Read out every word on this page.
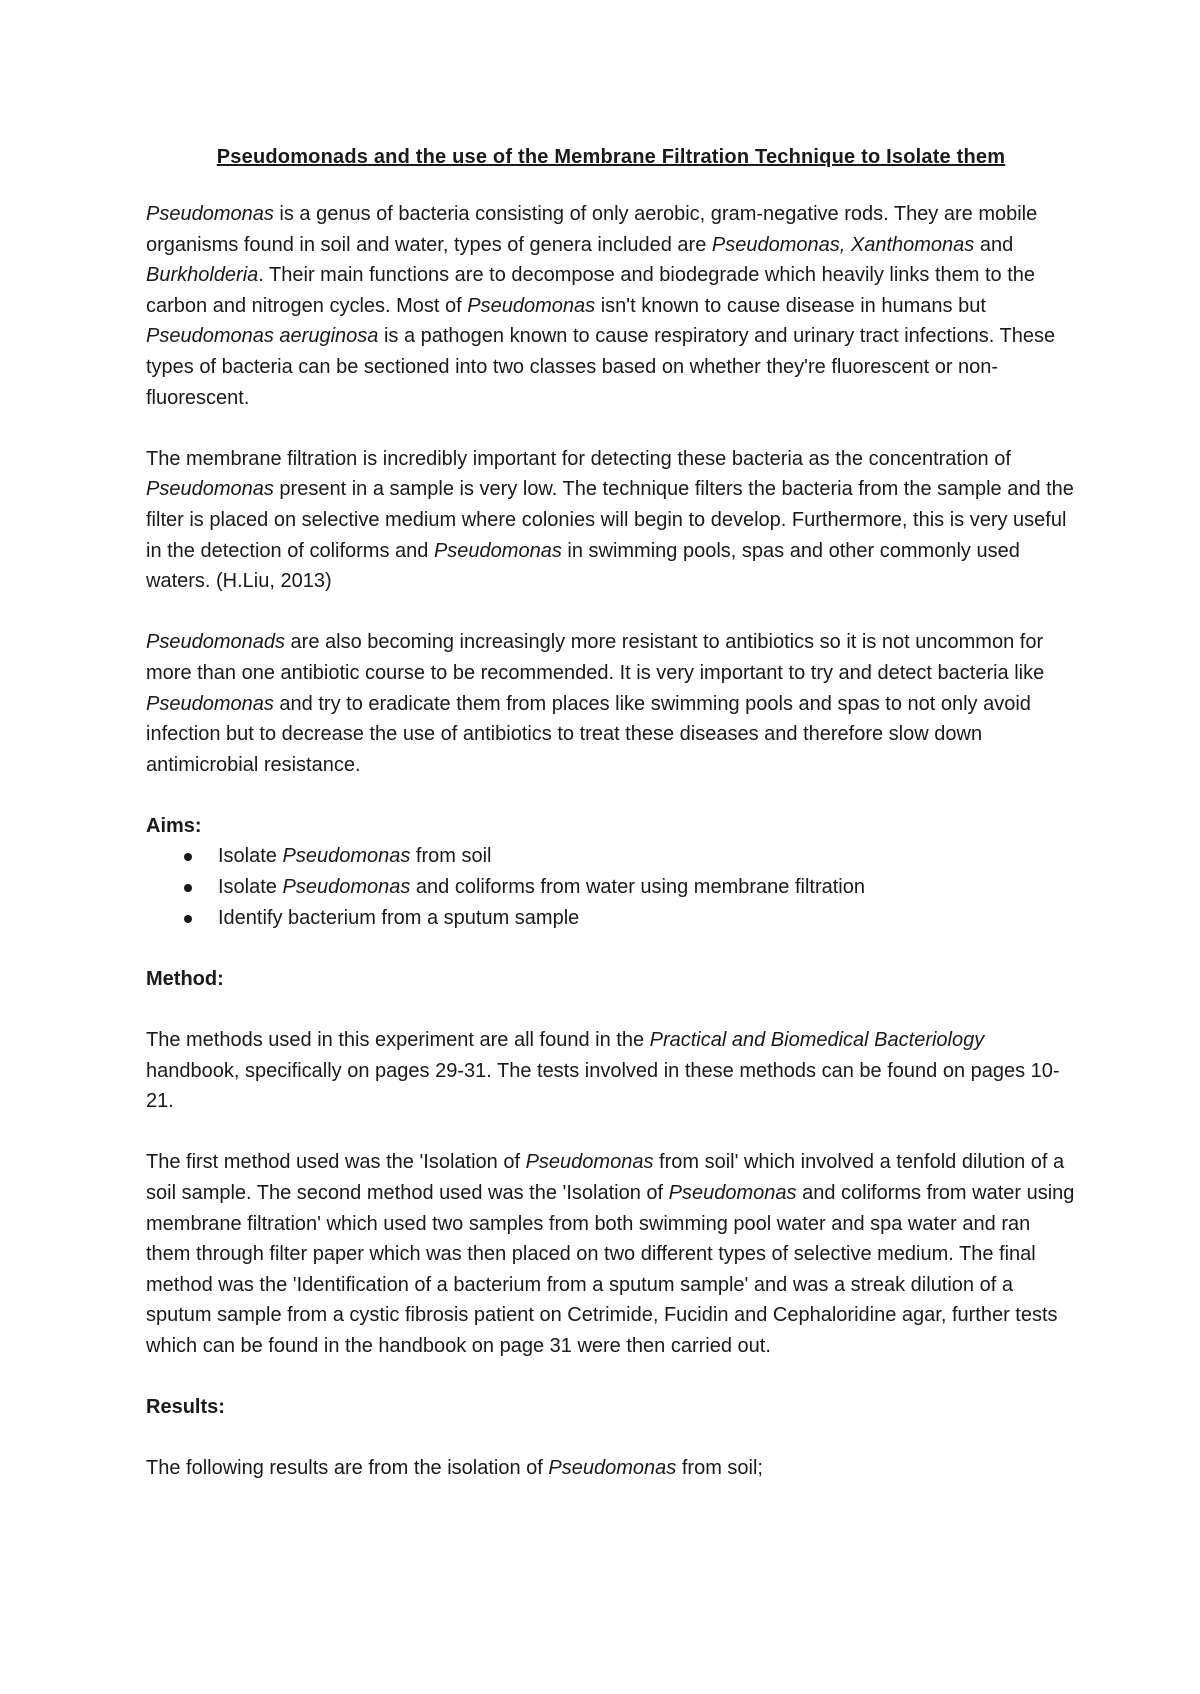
Pseudomonads and the use of the Membrane Filtration Technique to Isolate them

Pseudomonas is a genus of bacteria consisting of only aerobic, gram-negative rods. They are mobile organisms found in soil and water, types of genera included are Pseudomonas, Xanthomonas and Burkholderia. Their main functions are to decompose and biodegrade which heavily links them to the carbon and nitrogen cycles. Most of Pseudomonas isn't known to cause disease in humans but Pseudomonas aeruginosa is a pathogen known to cause respiratory and urinary tract infections. These types of bacteria can be sectioned into two classes based on whether they're fluorescent or non-fluorescent.

The membrane filtration is incredibly important for detecting these bacteria as the concentration of Pseudomonas present in a sample is very low. The technique filters the bacteria from the sample and the filter is placed on selective medium where colonies will begin to develop. Furthermore, this is very useful in the detection of coliforms and Pseudomonas in swimming pools, spas and other commonly used waters. (H.Liu, 2013)

Pseudomonads are also becoming increasingly more resistant to antibiotics so it is not uncommon for more than one antibiotic course to be recommended. It is very important to try and detect bacteria like Pseudomonas and try to eradicate them from places like swimming pools and spas to not only avoid infection but to decrease the use of antibiotics to treat these diseases and therefore slow down antimicrobial resistance.

Aims:
Isolate Pseudomonas from soil
Isolate Pseudomonas and coliforms from water using membrane filtration
Identify bacterium from a sputum sample
Method:

The methods used in this experiment are all found in the Practical and Biomedical Bacteriology handbook, specifically on pages 29-31. The tests involved in these methods can be found on pages 10-21.

The first method used was the 'Isolation of Pseudomonas from soil' which involved a tenfold dilution of a soil sample. The second method used was the 'Isolation of Pseudomonas and coliforms from water using membrane filtration' which used two samples from both swimming pool water and spa water and ran them through filter paper which was then placed on two different types of selective medium. The final method was the 'Identification of a bacterium from a sputum sample' and was a streak dilution of a sputum sample from a cystic fibrosis patient on Cetrimide, Fucidin and Cephaloridine agar, further tests which can be found in the handbook on page 31 were then carried out.

Results:

The following results are from the isolation of Pseudomonas from soil;
